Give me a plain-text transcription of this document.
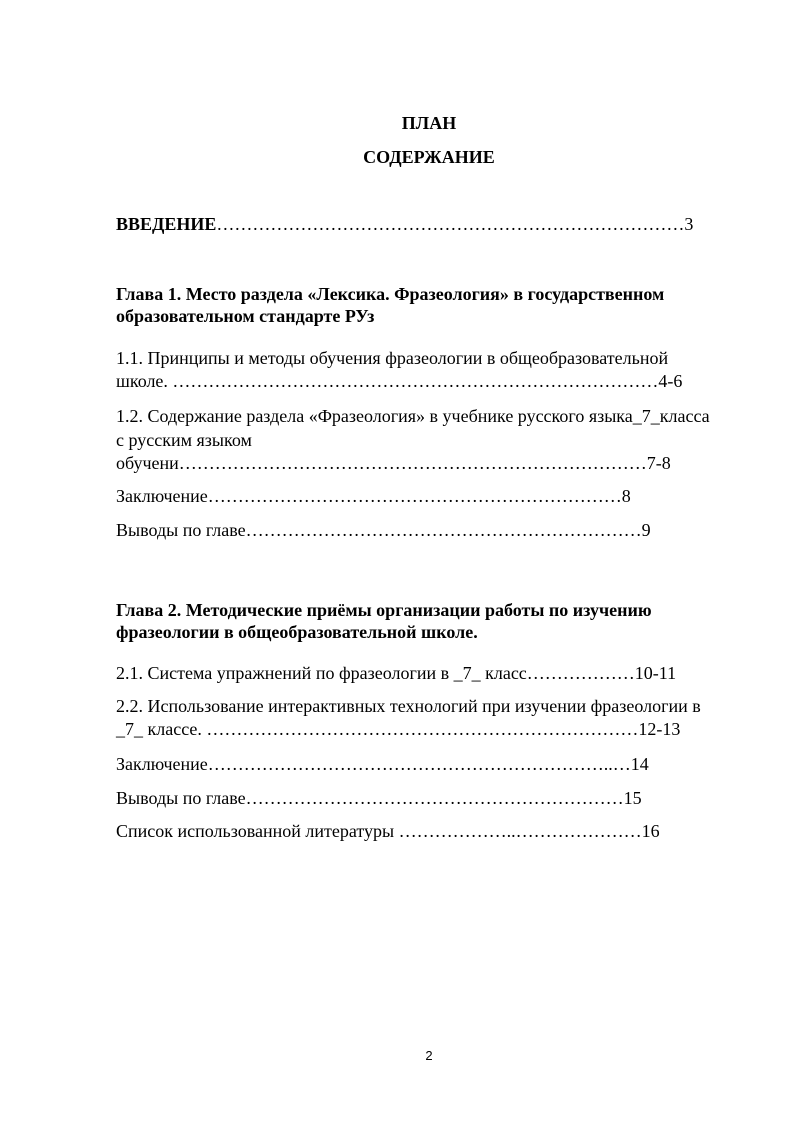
ПЛАН
СОДЕРЖАНИЕ
ВВЕДЕНИЕ……………………………………………………………………3
Глава 1. Место раздела «Лексика. Фразеология» в государственном
образовательном стандарте РУз
1.1. Принципы и методы обучения фразеологии в общеобразовательной
школе. ………………………………………………………………………4-6
1.2. Содержание раздела «Фразеология» в учебнике русского языка_7_класса
с русским языком
обучени……………………………………………………………………7-8
Заключение……………………………………………………………8
Выводы по главе…………………………………………………………9
Глава 2. Методические приёмы организации работы по изучению
фразеологии в общеобразовательной школе.
2.1. Система упражнений по фразеологии в _7_ класс………………10-11
2.2. Использование интерактивных технологий при изучении фразеологии в
_7_ классе. ………………………………………………………………12-13
Заключение…………………………………………………………..…14
Выводы по главе………………………………………………………15
Список использованной литературы ………………..…………………16
2
